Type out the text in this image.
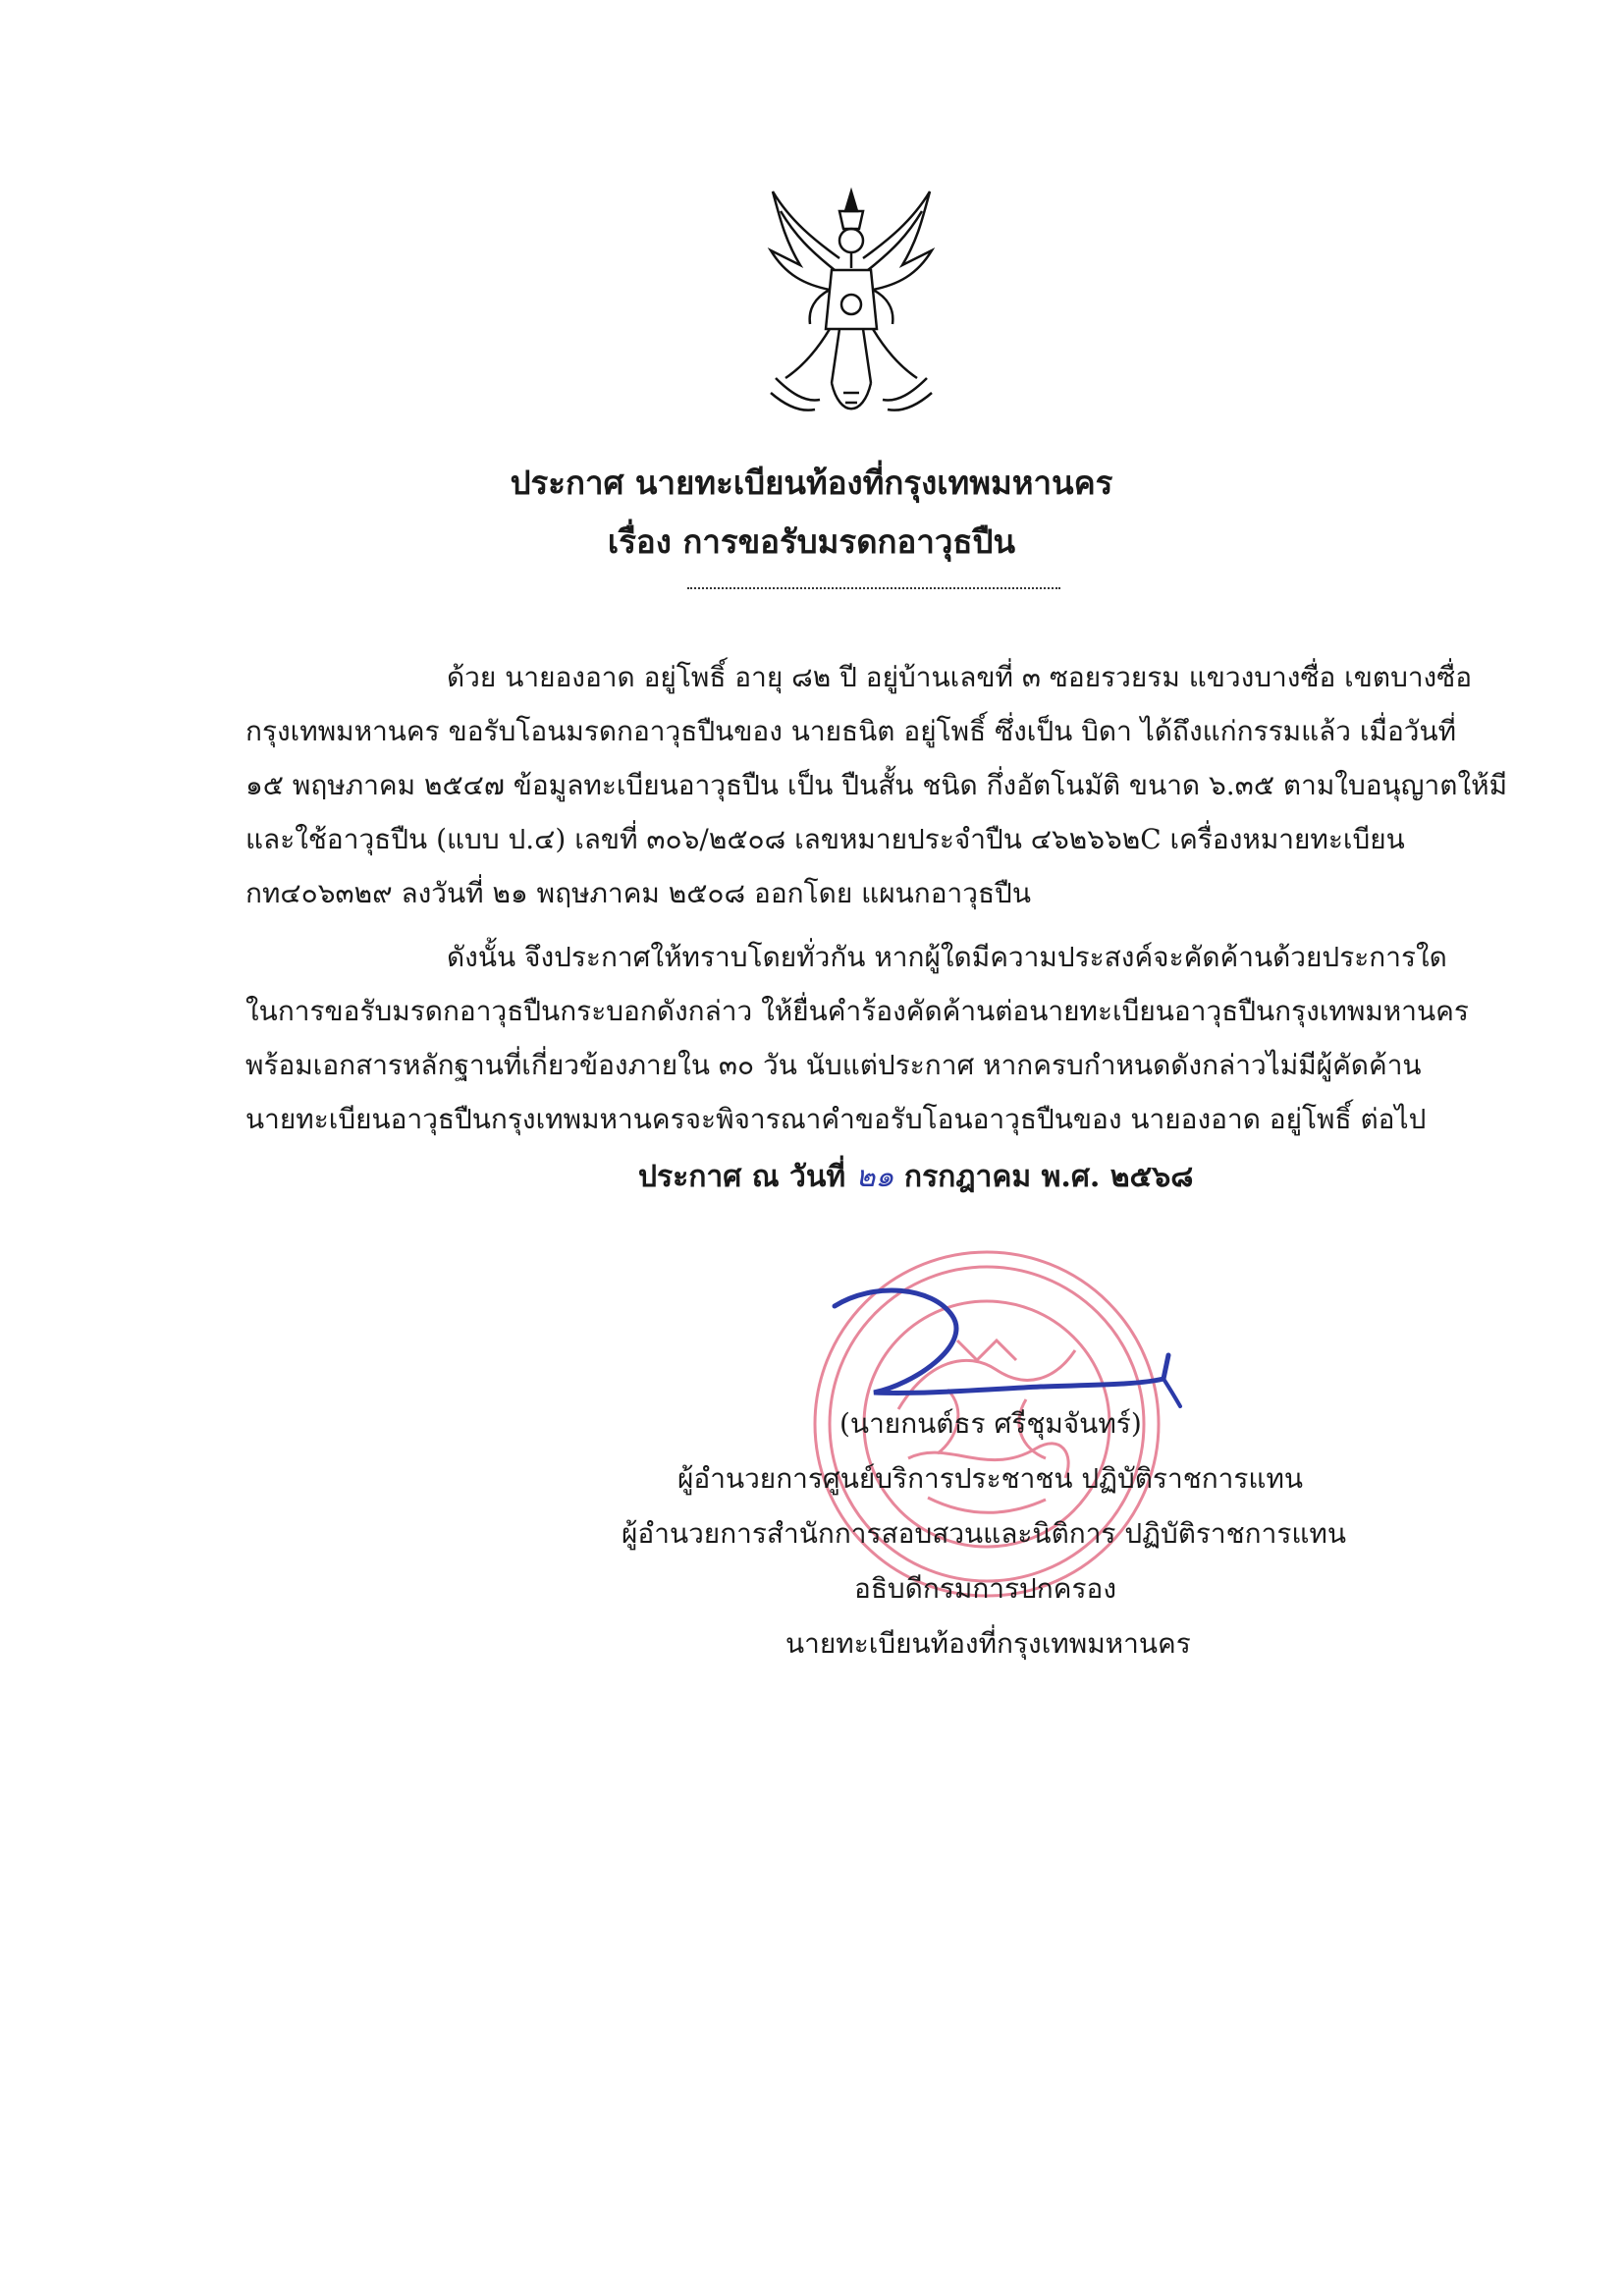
ประกาศ นายทะเบียนท้องที่กรุงเทพมหานคร
เรื่อง การขอรับมรดกอาวุธปืน
ด้วย นายองอาด อยู่โพธิ์ อายุ ๘๒ ปี อยู่บ้านเลขที่ ๓ ซอยรวยรม แขวงบางซื่อ เขตบางซื่อ
กรุงเทพมหานคร ขอรับโอนมรดกอาวุธปืนของ นายธนิต อยู่โพธิ์ ซึ่งเป็น บิดา ได้ถึงแก่กรรมแล้ว เมื่อวันที่
๑๕ พฤษภาคม ๒๕๔๗ ข้อมูลทะเบียนอาวุธปืน เป็น ปืนสั้น ชนิด กึ่งอัตโนมัติ ขนาด ๖.๓๕ ตามใบอนุญาตให้มี
และใช้อาวุธปืน (แบบ ป.๔) เลขที่ ๓๐๖/๒๕๐๘ เลขหมายประจำปืน ๔๖๒๖๖๒C เครื่องหมายทะเบียน
กท๔๐๖๓๒๙ ลงวันที่ ๒๑ พฤษภาคม ๒๕๐๘ ออกโดย แผนกอาวุธปืน
ดังนั้น จึงประกาศให้ทราบโดยทั่วกัน หากผู้ใดมีความประสงค์จะคัดค้านด้วยประการใด
ในการขอรับมรดกอาวุธปืนกระบอกดังกล่าว ให้ยื่นคำร้องคัดค้านต่อนายทะเบียนอาวุธปืนกรุงเทพมหานคร
พร้อมเอกสารหลักฐานที่เกี่ยวข้องภายใน ๓๐ วัน นับแต่ประกาศ หากครบกำหนดดังกล่าวไม่มีผู้คัดค้าน
นายทะเบียนอาวุธปืนกรุงเทพมหานครจะพิจารณาคำขอรับโอนอาวุธปืนของ นายองอาด อยู่โพธิ์ ต่อไป
ประกาศ ณ วันที่ ๒๑ กรกฎาคม พ.ศ. ๒๕๖๘
(นายกนต์ธร ศรีชุมจันทร์)
ผู้อำนวยการศูนย์บริการประชาชน ปฏิบัติราชการแทน
ผู้อำนวยการสำนักการสอบสวนและนิติการ ปฏิบัติราชการแทน
อธิบดีกรมการปกครอง
นายทะเบียนท้องที่กรุงเทพมหานคร
